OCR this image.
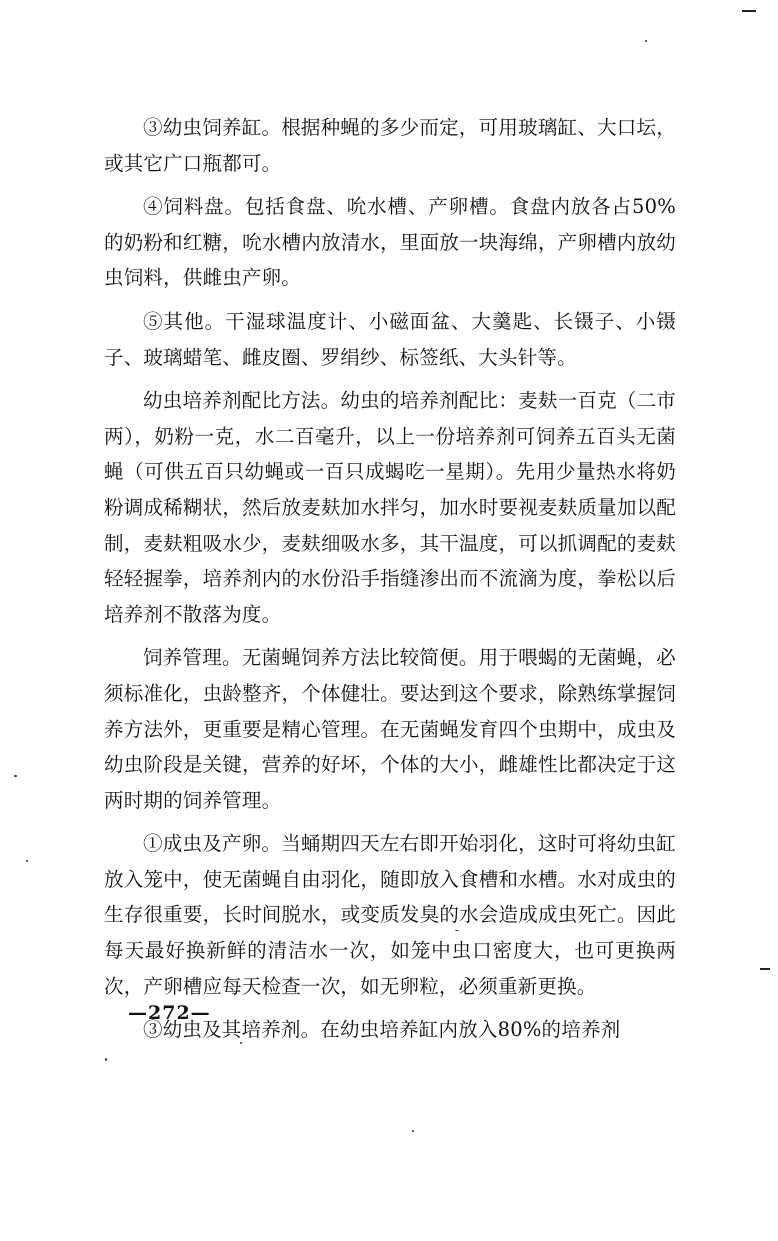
③幼虫饲养缸。根据种蝇的多少而定，可用玻璃缸、大口坛，或其它广口瓶都可。

④饲料盘。包括食盘、吮水槽、产卵槽。食盘内放各占50%的奶粉和红糖，吮水槽内放清水，里面放一块海绵，产卵槽内放幼虫饲料，供雌虫产卵。

⑤其他。干湿球温度计、小磁面盆、大羹匙、长镊子、小镊子、玻璃蜡笔、雌皮圈、罗绢纱、标签纸、大头针等。

幼虫培养剂配比方法。幼虫的培养剂配比：麦麸一百克（二市两），奶粉一克，水二百毫升，以上一份培养剂可饲养五百头无菌蝇（可供五百只幼蝇或一百只成蝎吃一星期）。先用少量热水将奶粉调成稀糊状，然后放麦麸加水拌匀，加水时要视麦麸质量加以配制，麦麸粗吸水少，麦麸细吸水多，其干温度，可以抓调配的麦麸轻轻握拳，培养剂内的水份沿手指缝渗出而不流滴为度，拳松以后培养剂不散落为度。

饲养管理。无菌蝇饲养方法比较简便。用于喂蝎的无菌蝇，必须标准化，虫龄整齐，个体健壮。要达到这个要求，除熟练掌握饲养方法外，更重要是精心管理。在无菌蝇发育四个虫期中，成虫及幼虫阶段是关键，营养的好坏，个体的大小，雌雄性比都决定于这两时期的饲养管理。

①成虫及产卵。当蛹期四天左右即开始羽化，这时可将幼虫缸放入笼中，使无菌蝇自由羽化，随即放入食槽和水槽。水对成虫的生存很重要，长时间脱水，或变质发臭的水会造成成虫死亡。因此每天最好换新鲜的清洁水一次，如笼中虫口密度大，也可更换两次，产卵槽应每天检查一次，如无卵粒，必须重新更换。

③幼虫及其培养剂。在幼虫培养缸内放入80%的培养剂

—272—
